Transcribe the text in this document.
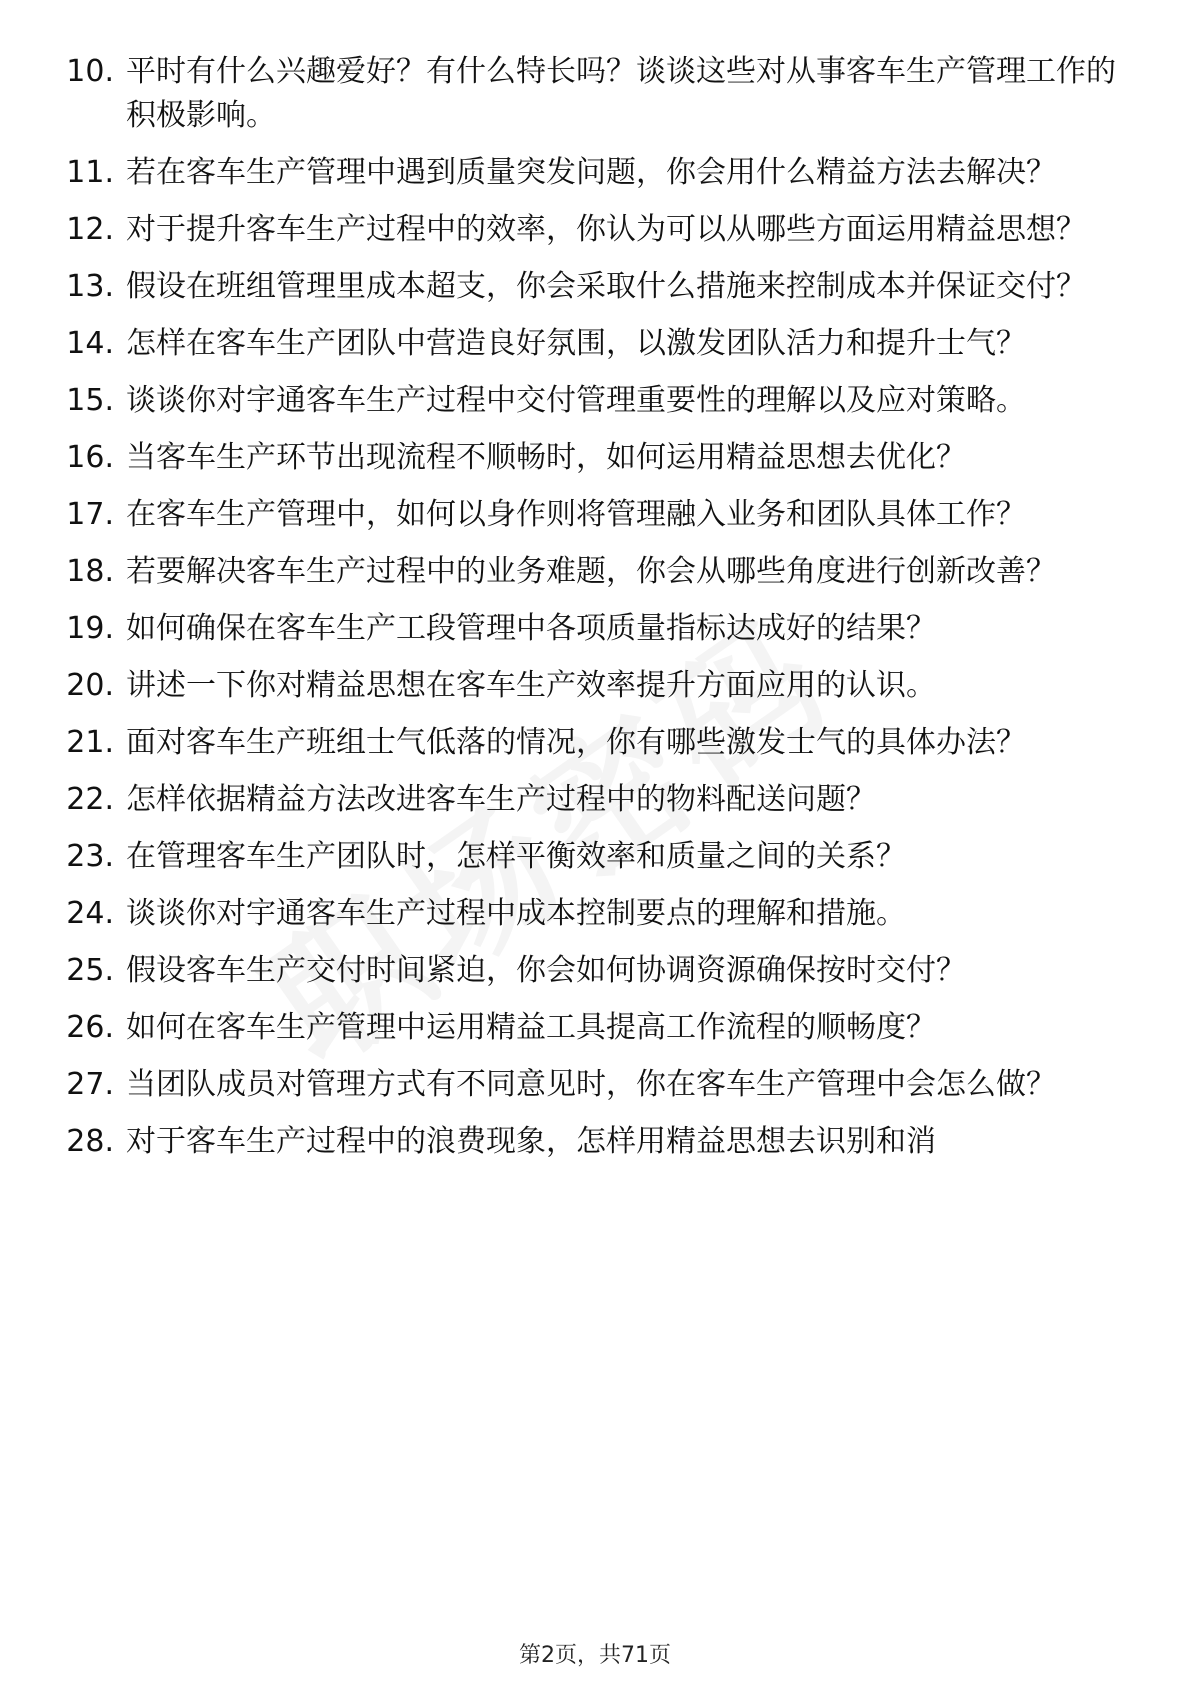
10. 平时有什么兴趣爱好？有什么特长吗？谈谈这些对从事客车生产管理工作的积极影响。
11. 若在客车生产管理中遇到质量突发问题，你会用什么精益方法去解决？
12. 对于提升客车生产过程中的效率，你认为可以从哪些方面运用精益思想？
13. 假设在班组管理里成本超支，你会采取什么措施来控制成本并保证交付？
14. 怎样在客车生产团队中营造良好氛围，以激发团队活力和提升士气？
15. 谈谈你对宇通客车生产过程中交付管理重要性的理解以及应对策略。
16. 当客车生产环节出现流程不顺畅时，如何运用精益思想去优化？
17. 在客车生产管理中，如何以身作则将管理融入业务和团队具体工作？
18. 若要解决客车生产过程中的业务难题，你会从哪些角度进行创新改善？
19. 如何确保在客车生产工段管理中各项质量指标达成好的结果？
20. 讲述一下你对精益思想在客车生产效率提升方面应用的认识。
21. 面对客车生产班组士气低落的情况，你有哪些激发士气的具体办法？
22. 怎样依据精益方法改进客车生产过程中的物料配送问题？
23. 在管理客车生产团队时，怎样平衡效率和质量之间的关系？
24. 谈谈你对宇通客车生产过程中成本控制要点的理解和措施。
25. 假设客车生产交付时间紧迫，你会如何协调资源确保按时交付？
26. 如何在客车生产管理中运用精益工具提高工作流程的顺畅度？
27. 当团队成员对管理方式有不同意见时，你在客车生产管理中会怎么做？
28. 对于客车生产过程中的浪费现象，怎样用精益思想去识别和消
第2页，共71页
